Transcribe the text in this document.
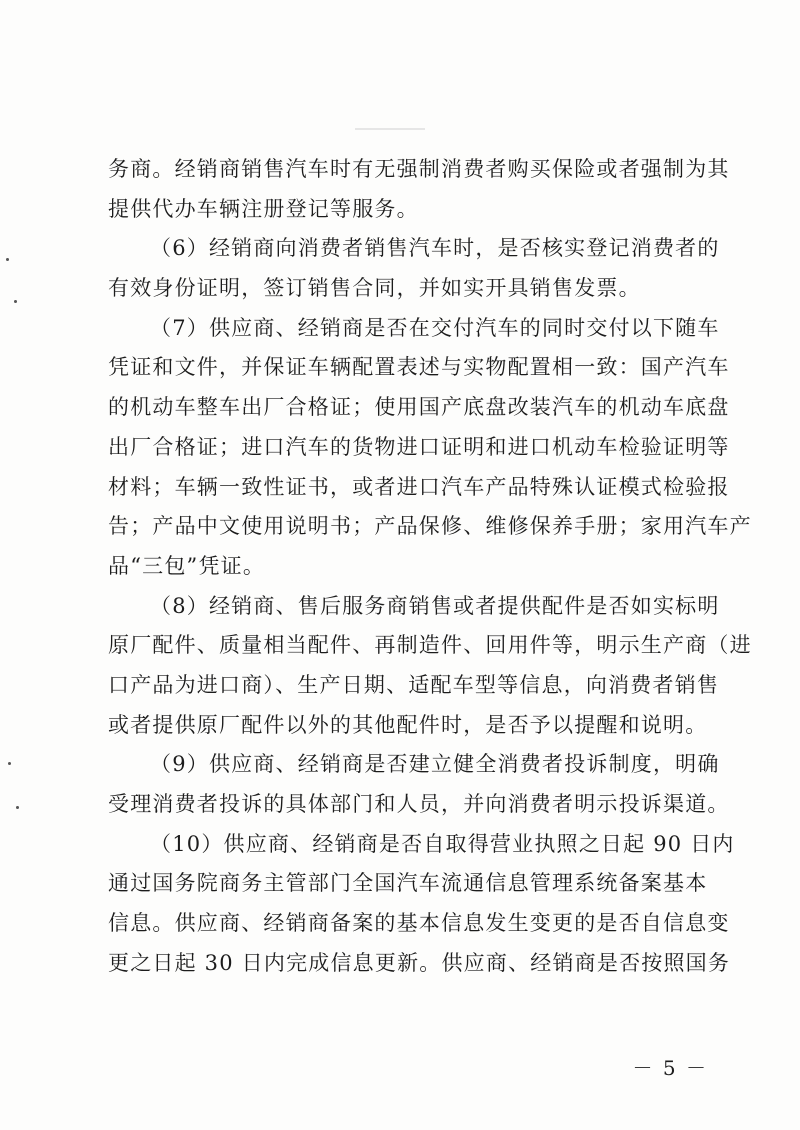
务商。经销商销售汽车时有无强制消费者购买保险或者强制为其
提供代办车辆注册登记等服务。
（6）经销商向消费者销售汽车时，是否核实登记消费者的
有效身份证明，签订销售合同，并如实开具销售发票。
（7）供应商、经销商是否在交付汽车的同时交付以下随车
凭证和文件，并保证车辆配置表述与实物配置相一致：国产汽车
的机动车整车出厂合格证；使用国产底盘改装汽车的机动车底盘
出厂合格证；进口汽车的货物进口证明和进口机动车检验证明等
材料；车辆一致性证书，或者进口汽车产品特殊认证模式检验报
告；产品中文使用说明书；产品保修、维修保养手册；家用汽车产
品“三包”凭证。
（8）经销商、售后服务商销售或者提供配件是否如实标明
原厂配件、质量相当配件、再制造件、回用件等，明示生产商（进
口产品为进口商）、生产日期、适配车型等信息，向消费者销售
或者提供原厂配件以外的其他配件时，是否予以提醒和说明。
（9）供应商、经销商是否建立健全消费者投诉制度，明确
受理消费者投诉的具体部门和人员，并向消费者明示投诉渠道。
（10）供应商、经销商是否自取得营业执照之日起 90 日内
通过国务院商务主管部门全国汽车流通信息管理系统备案基本
信息。供应商、经销商备案的基本信息发生变更的是否自信息变
更之日起 30 日内完成信息更新。供应商、经销商是否按照国务
－ 5 －
